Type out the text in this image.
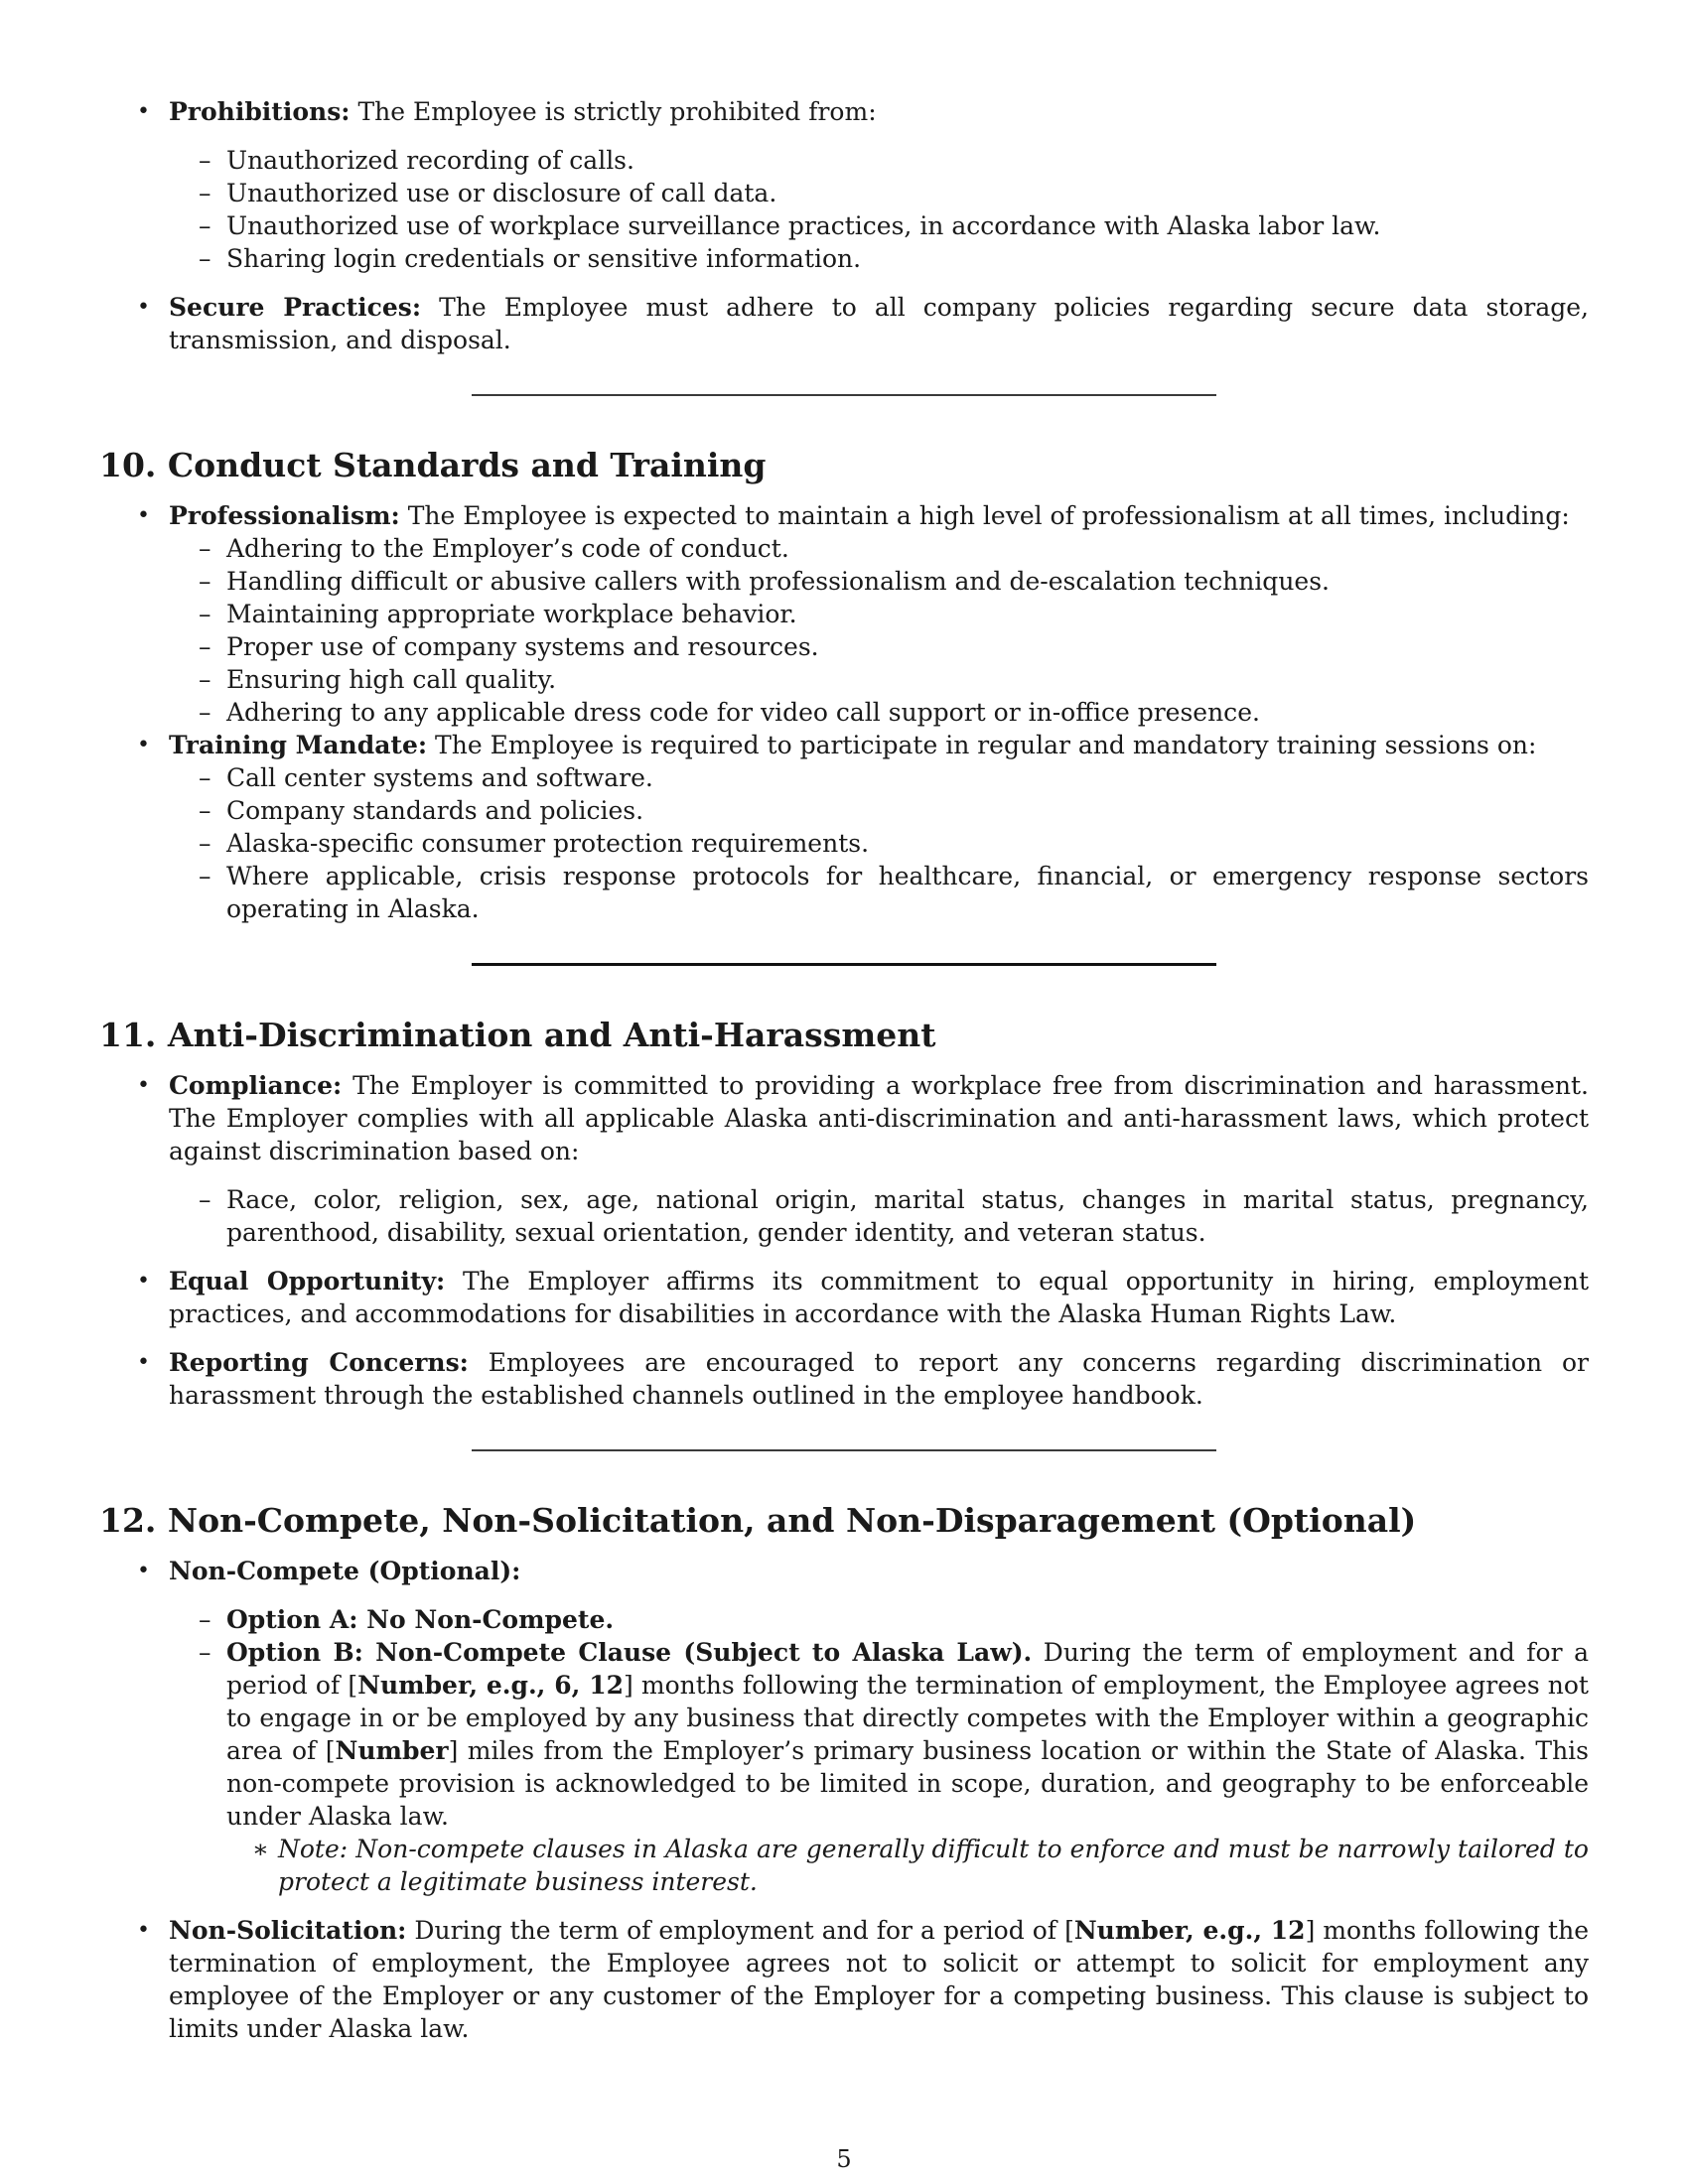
• Prohibitions: The Employee is strictly prohibited from:
– Unauthorized recording of calls.
– Unauthorized use or disclosure of call data.
– Unauthorized use of workplace surveillance practices, in accordance with Alaska labor law.
– Sharing login credentials or sensitive information.
• Secure Practices: The Employee must adhere to all company policies regarding secure data storage, transmission, and disposal.
10. Conduct Standards and Training
• Professionalism: The Employee is expected to maintain a high level of professionalism at all times, including:
– Adhering to the Employer’s code of conduct.
– Handling difficult or abusive callers with professionalism and de-escalation techniques.
– Maintaining appropriate workplace behavior.
– Proper use of company systems and resources.
– Ensuring high call quality.
– Adhering to any applicable dress code for video call support or in-office presence.
• Training Mandate: The Employee is required to participate in regular and mandatory training sessions on:
– Call center systems and software.
– Company standards and policies.
– Alaska-specific consumer protection requirements.
– Where applicable, crisis response protocols for healthcare, financial, or emergency response sectors operating in Alaska.
11. Anti-Discrimination and Anti-Harassment
• Compliance: The Employer is committed to providing a workplace free from discrimination and harassment. The Employer complies with all applicable Alaska anti-discrimination and anti-harassment laws, which protect against discrimination based on:
– Race, color, religion, sex, age, national origin, marital status, changes in marital status, pregnancy, parenthood, disability, sexual orientation, gender identity, and veteran status.
• Equal Opportunity: The Employer affirms its commitment to equal opportunity in hiring, employment practices, and accommodations for disabilities in accordance with the Alaska Human Rights Law.
• Reporting Concerns: Employees are encouraged to report any concerns regarding discrimination or harassment through the established channels outlined in the employee handbook.
12. Non-Compete, Non-Solicitation, and Non-Disparagement (Optional)
• Non-Compete (Optional):
– Option A: No Non-Compete.
– Option B: Non-Compete Clause (Subject to Alaska Law). During the term of employment and for a period of [Number, e.g., 6, 12] months following the termination of employment, the Employee agrees not to engage in or be employed by any business that directly competes with the Employer within a geographic area of [Number] miles from the Employer’s primary business location or within the State of Alaska. This non-compete provision is acknowledged to be limited in scope, duration, and geography to be enforceable under Alaska law.
∗ Note: Non-compete clauses in Alaska are generally difficult to enforce and must be narrowly tailored to protect a legitimate business interest.
• Non-Solicitation: During the term of employment and for a period of [Number, e.g., 12] months following the termination of employment, the Employee agrees not to solicit or attempt to solicit for employment any employee of the Employer or any customer of the Employer for a competing business. This clause is subject to limits under Alaska law.
5
